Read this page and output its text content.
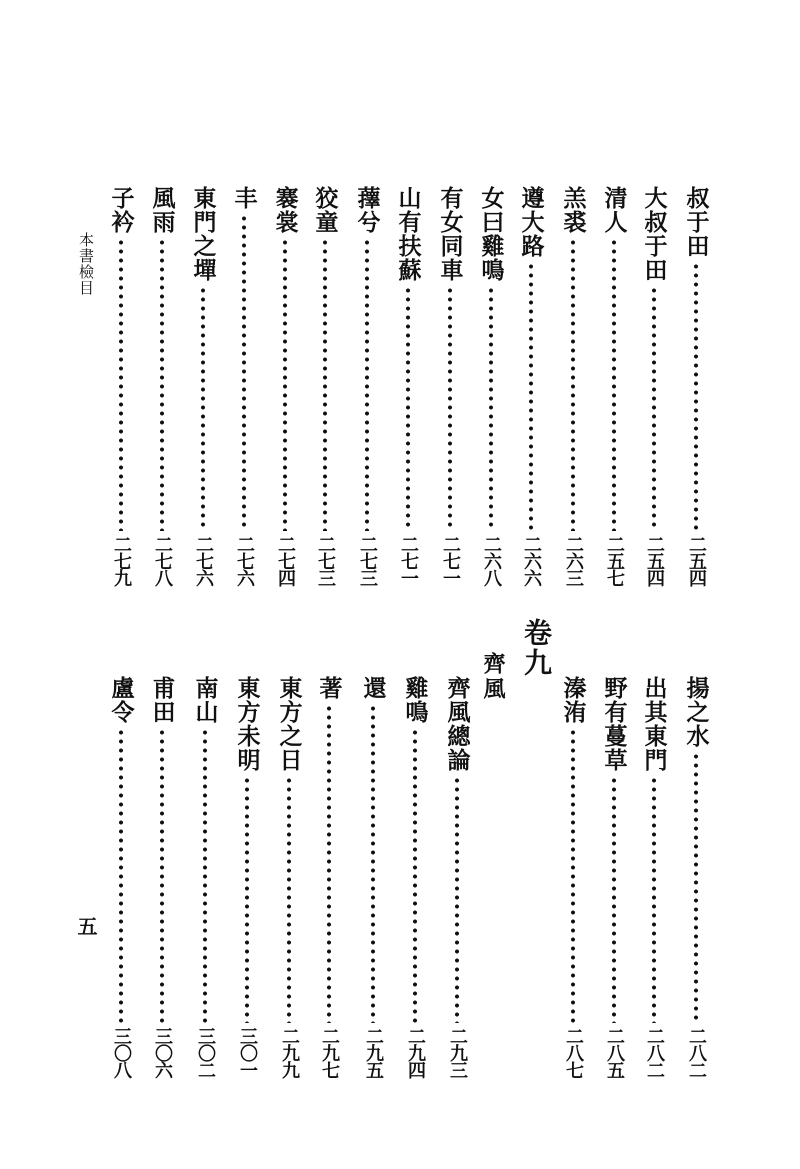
本書檢目
五
卷九
齊風
叔于田
二五四
大叔于田
二五四
清人
二五七
羔裘
二六三
遵大路
二六六
女曰雞鳴
二六八
有女同車
二七一
山有扶蘇
二七一
蘀兮
二七三
狡童
二七三
褰裳
二七四
丰
二七六
東門之墠
二七六
風雨
二七八
子衿
二七九
揚之水
二八二
出其東門
二八二
野有蔓草
二八五
溱洧
二八七
齊風總論
二九三
雞鳴
二九四
還
二九五
著
二九七
東方之日
二九九
東方未明
三〇一
南山
三〇二
甫田
三〇六
盧令
三〇八
